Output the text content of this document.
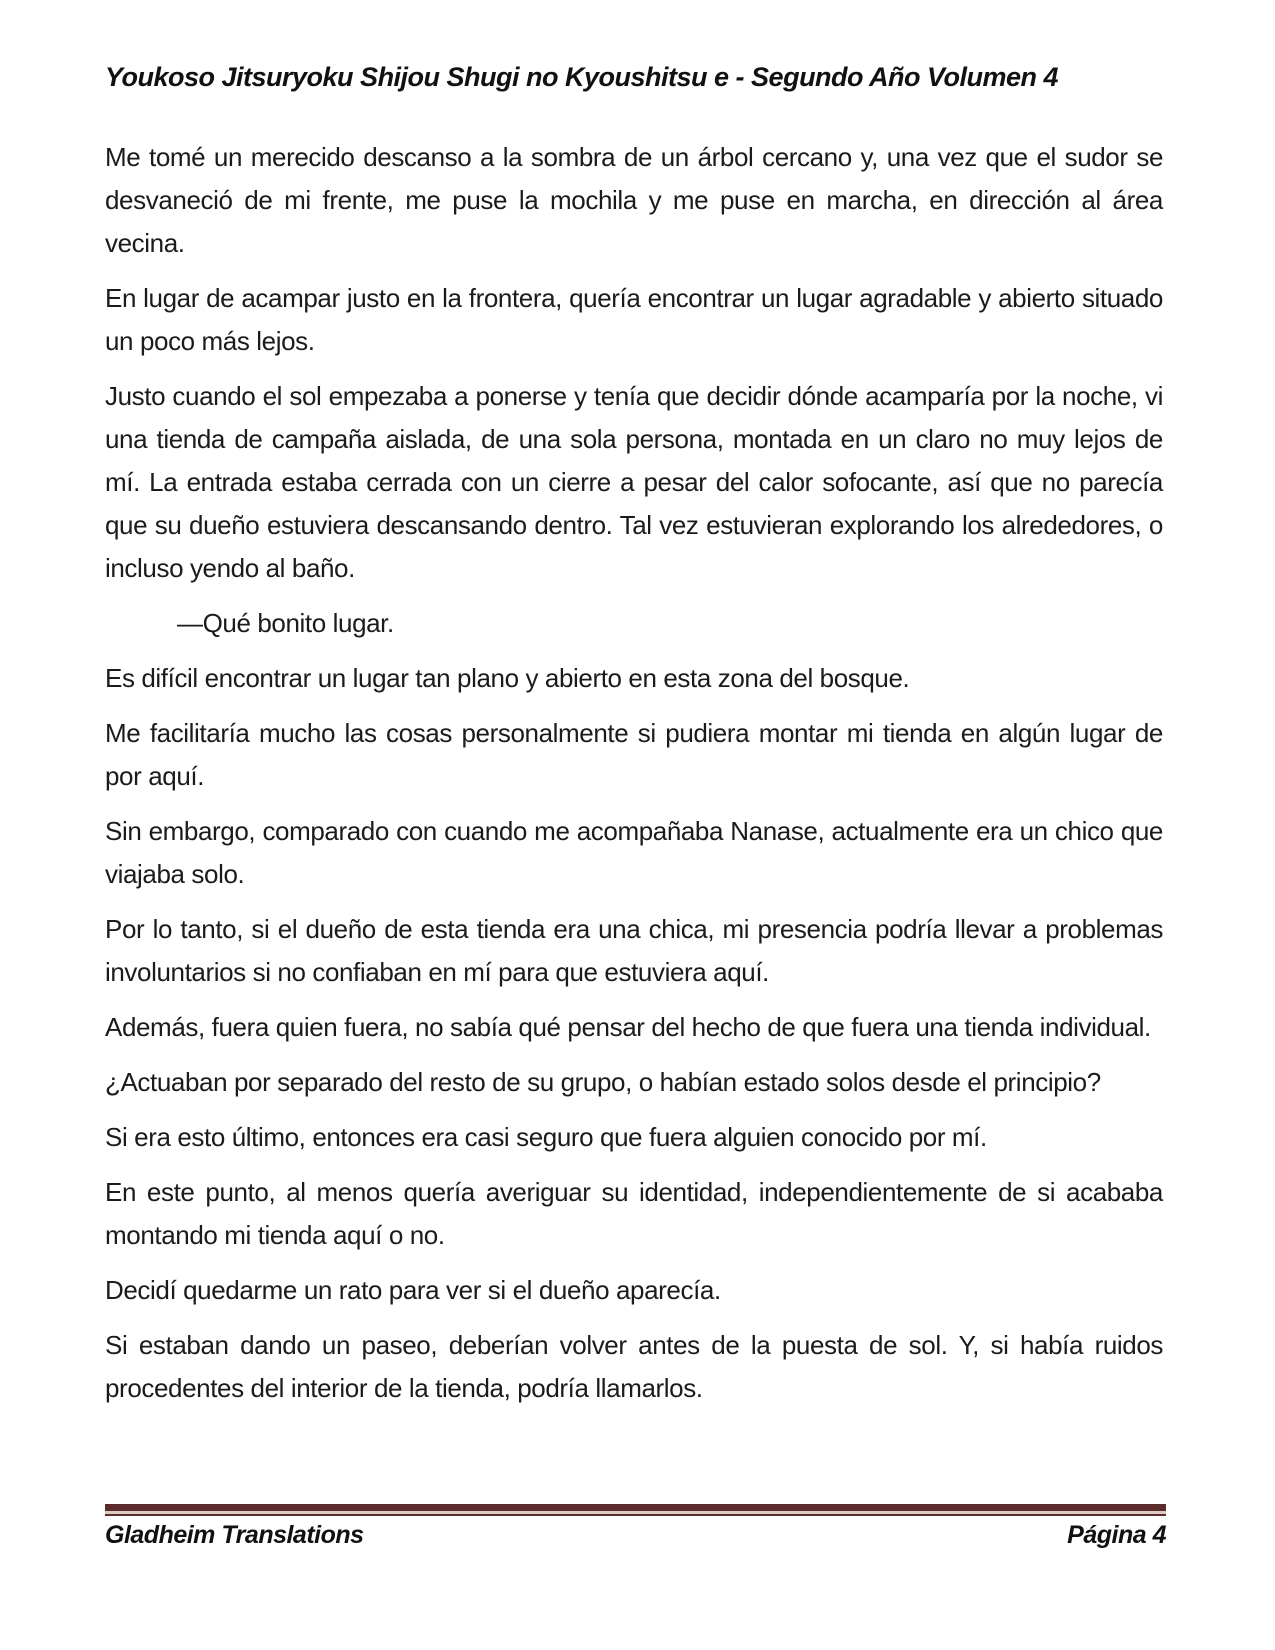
Youkoso Jitsuryoku Shijou Shugi no Kyoushitsu e - Segundo Año Volumen 4

Me tomé un merecido descanso a la sombra de un árbol cercano y, una vez que el sudor se desvaneció de mi frente, me puse la mochila y me puse en marcha, en dirección al área vecina.

En lugar de acampar justo en la frontera, quería encontrar un lugar agradable y abierto situado un poco más lejos.

Justo cuando el sol empezaba a ponerse y tenía que decidir dónde acamparía por la noche, vi una tienda de campaña aislada, de una sola persona, montada en un claro no muy lejos de mí. La entrada estaba cerrada con un cierre a pesar del calor sofocante, así que no parecía que su dueño estuviera descansando dentro. Tal vez estuvieran explorando los alrededores, o incluso yendo al baño.

—Qué bonito lugar.

Es difícil encontrar un lugar tan plano y abierto en esta zona del bosque.

Me facilitaría mucho las cosas personalmente si pudiera montar mi tienda en algún lugar de por aquí.

Sin embargo, comparado con cuando me acompañaba Nanase, actualmente era un chico que viajaba solo.

Por lo tanto, si el dueño de esta tienda era una chica, mi presencia podría llevar a problemas involuntarios si no confiaban en mí para que estuviera aquí.

Además, fuera quien fuera, no sabía qué pensar del hecho de que fuera una tienda individual.

¿Actuaban por separado del resto de su grupo, o habían estado solos desde el principio?

Si era esto último, entonces era casi seguro que fuera alguien conocido por mí.

En este punto, al menos quería averiguar su identidad, independientemente de si acababa montando mi tienda aquí o no.

Decidí quedarme un rato para ver si el dueño aparecía.

Si estaban dando un paseo, deberían volver antes de la puesta de sol. Y, si había ruidos procedentes del interior de la tienda, podría llamarlos.

Gladheim Translations	Página 4
